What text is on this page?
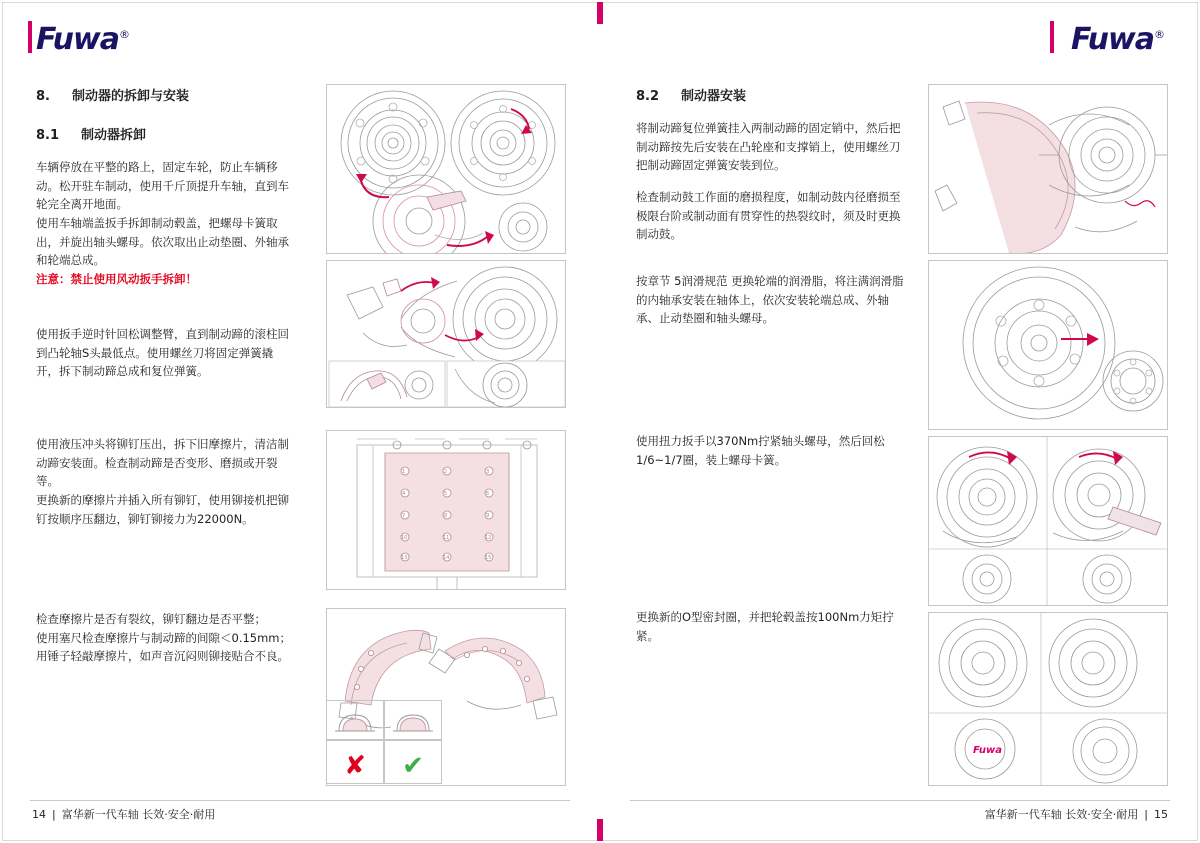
Fuwa®	Fuwa®
8. 制动器的拆卸与安装
8.1 制动器拆卸

车辆停放在平整的路上，固定车轮，防止车辆移动。松开驻车制动，使用千斤顶提升车轴，直到车轮完全离开地面。

使用车轴端盖扳手拆卸制动毂盖，把螺母卡簧取出，并旋出轴头螺母。依次取出止动垫圈、外轴承和轮端总成。

注意：禁止使用风动扳手拆卸！

使用扳手逆时针回松调整臂，直到制动蹄的滚柱回到凸轮轴S头最低点。使用螺丝刀将固定弹簧撬开，拆下制动蹄总成和复位弹簧。

使用液压冲头将铆钉压出，拆下旧摩擦片，清洁制动蹄安装面。检查制动蹄是否变形、磨损或开裂等。

更换新的摩擦片并插入所有铆钉，使用铆接机把铆钉按顺序压翻边，铆钉铆接力为22000N。

检查摩擦片是否有裂纹，铆钉翻边是否平整；

使用塞尺检查摩擦片与制动蹄的间隙＜0.15mm；

用锤子轻敲摩擦片，如声音沉闷则铆接贴合不良。

1	2	3
4	5	6
7	8	9
10	11	12
13	14	15
✘	✔
8.2 制动器安装

将制动蹄复位弹簧挂入两制动蹄的固定销中，然后把制动蹄按先后安装在凸轮座和支撑销上，使用螺丝刀把制动蹄固定弹簧安装到位。

检查制动鼓工作面的磨损程度，如制动鼓内径磨损至极限台阶或制动面有贯穿性的热裂纹时，须及时更换制动鼓。

按章节 5润滑规范 更换轮端的润滑脂，将注满润滑脂的内轴承安装在轴体上，依次安装轮端总成、外轴承、止动垫圈和轴头螺母。

使用扭力扳手以370Nm拧紧轴头螺母，然后回松1/6~1/7圈，装上螺母卡簧。

更换新的O型密封圈，并把轮毂盖按100Nm力矩拧紧。

Fuwa
14 | 富华新一代车轴 长效·安全·耐用	富华新一代车轴 长效·安全·耐用 | 15
